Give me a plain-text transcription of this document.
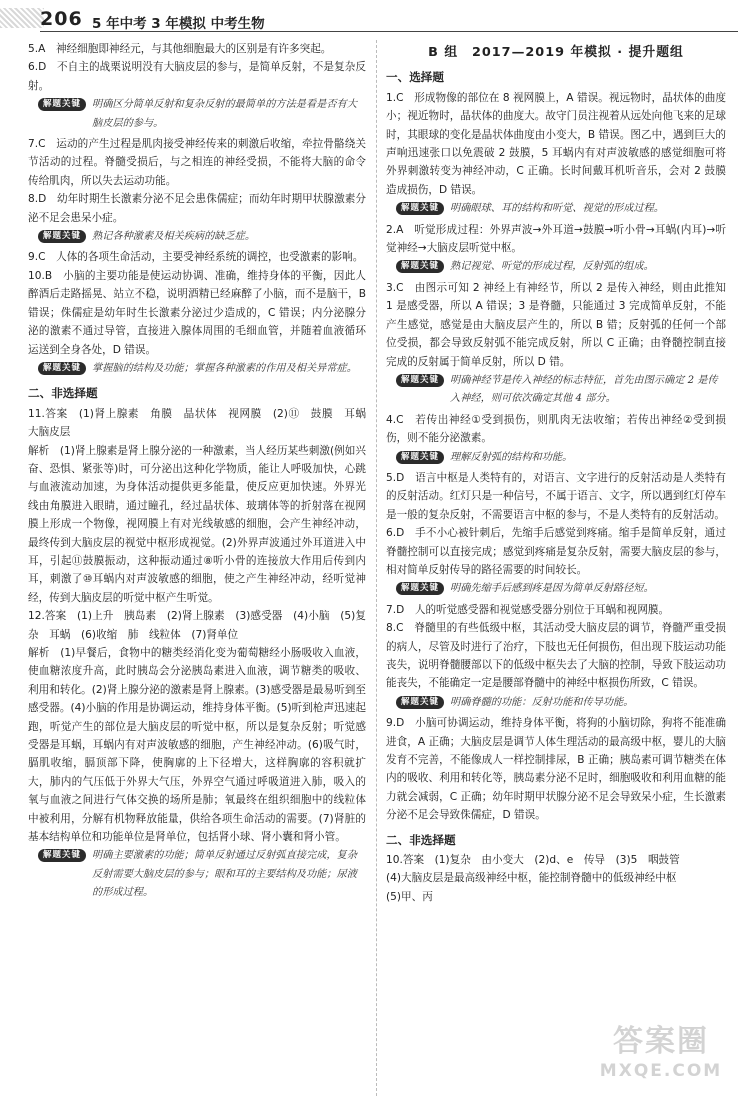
206 5 年中考 3 年模拟 中考生物

5.A　神经细胞即神经元，与其他细胞最大的区别是有许多突起。

6.D　不自主的战栗说明没有大脑皮层的参与，是简单反射，不是复杂反射。

解题关键	明确区分简单反射和复杂反射的最简单的方法是看是否有大脑皮层的参与。

7.C　运动的产生过程是肌肉接受神经传来的刺激后收缩，牵拉骨骼绕关节活动的过程。脊髓受损后，与之相连的神经受损，不能将大脑的命令传给肌肉，所以失去运动功能。

8.D　幼年时期生长激素分泌不足会患侏儒症；而幼年时期甲状腺激素分泌不足会患呆小症。

解题关键	熟记各种激素及相关疾病的缺乏症。

9.C　人体的各项生命活动，主要受神经系统的调控，也受激素的影响。

10.B　小脑的主要功能是使运动协调、准确，维持身体的平衡，因此人醉酒后走路摇晃、站立不稳，说明酒精已经麻醉了小脑，而不是脑干，B 错误；侏儒症是幼年时生长激素分泌过少造成的，C 错误；内分泌腺分泌的激素不通过导管，直接进入腺体周围的毛细血管，并随着血液循环运送到全身各处，D 错误。

解题关键	掌握脑的结构及功能；掌握各种激素的作用及相关异常症。
二、非选择题

11.答案　(1)肾上腺素　角膜　晶状体　视网膜　(2)⑪　鼓膜　耳蜗　大脑皮层

解析　(1)肾上腺素是肾上腺分泌的一种激素，当人经历某些刺激(例如兴奋、恐惧、紧张等)时，可分泌出这种化学物质，能让人呼吸加快，心跳与血液流动加速，为身体活动提供更多能量，使反应更加快速。外界光线由角膜进入眼睛，通过瞳孔，经过晶状体、玻璃体等的折射落在视网膜上形成一个物像，视网膜上有对光线敏感的细胞，会产生神经冲动，最终传到大脑皮层的视觉中枢形成视觉。(2)外界声波通过外耳道进入中耳，引起⑪鼓膜振动，这种振动通过⑧听小骨的连接放大作用后传到内耳，刺激了⑩耳蜗内对声波敏感的细胞，使之产生神经冲动，经听觉神经，传到大脑皮层的听觉中枢产生听觉。

12.答案　(1)上升　胰岛素　(2)肾上腺素　(3)感受器　(4)小脑　(5)复杂　耳蜗　(6)收缩　肺　线粒体　(7)肾单位

解析　(1)早餐后，食物中的糖类经消化变为葡萄糖经小肠吸收入血液，使血糖浓度升高，此时胰岛会分泌胰岛素进入血液，调节糖类的吸收、利用和转化。(2)肾上腺分泌的激素是肾上腺素。(3)感受器是最易听到至感受器。(4)小脑的作用是协调运动，维持身体平衡。(5)听到枪声迅速起跑，听觉产生的部位是大脑皮层的听觉中枢，所以是复杂反射；听觉感受器是耳蜗，耳蜗内有对声波敏感的细胞，产生神经冲动。(6)吸气时，膈肌收缩，膈顶部下降，使胸廓的上下径增大，这样胸廓的容积就扩大，肺内的气压低于外界大气压，外界空气通过呼吸道进入肺，吸入的氧与血液之间进行气体交换的场所是肺；氧最终在组织细胞中的线粒体中被利用，分解有机物释放能量，供给各项生命活动的需要。(7)肾脏的基本结构单位和功能单位是肾单位，包括肾小球、肾小囊和肾小管。

解题关键	明确主要激素的功能；简单反射通过反射弧直接完成，复杂反射需要大脑皮层的参与；眼和耳的主要结构及功能；尿液的形成过程。
B 组　2017—2019 年模拟 · 提升题组
一、选择题

1.C　形成物像的部位在 8 视网膜上，A 错误。视远物时，晶状体的曲度小；视近物时，晶状体的曲度大。故守门员注视着从远处向他飞来的足球时，其眼球的变化是晶状体曲度由小变大，B 错误。图乙中，遇到巨大的声响迅速张口以免震破 2 鼓膜，5 耳蜗内有对声波敏感的感觉细胞可将外界刺激转变为神经冲动，C 正确。长时间戴耳机听音乐，会对 2 鼓膜造成损伤，D 错误。

解题关键	明确眼球、耳的结构和听觉、视觉的形成过程。

2.A　听觉形成过程：外界声波→外耳道→鼓膜→听小骨→耳蜗(内耳)→听觉神经→大脑皮层听觉中枢。

解题关键	熟记视觉、听觉的形成过程，反射弧的组成。

3.C　由图示可知 2 神经上有神经节，所以 2 是传入神经，则由此推知 1 是感受器，所以 A 错误；3 是脊髓，只能通过 3 完成简单反射，不能产生感觉，感觉是由大脑皮层产生的，所以 B 错；反射弧的任何一个部位受损，都会导致反射弧不能完成反射，所以 C 正确；由脊髓控制直接完成的反射属于简单反射，所以 D 错。

解题关键	明确神经节是传入神经的标志特征，首先由图示确定 2 是传入神经，则可依次确定其他 4 部分。

4.C　若传出神经①受到损伤，则肌肉无法收缩；若传出神经②受到损伤，则不能分泌激素。

解题关键	理解反射弧的结构和功能。

5.D　语言中枢是人类特有的，对语言、文字进行的反射活动是人类特有的反射活动。红灯只是一种信号，不属于语言、文字，所以遇到红灯停车是一般的复杂反射，不需要语言中枢的参与，不是人类特有的反射活动。

6.D　手不小心被针刺后，先缩手后感觉到疼痛。缩手是简单反射，通过脊髓控制可以直接完成；感觉到疼痛是复杂反射，需要大脑皮层的参与，相对简单反射传导的路径需要的时间较长。

解题关键	明确先缩手后感到疼是因为简单反射路径短。

7.D　人的听觉感受器和视觉感受器分别位于耳蜗和视网膜。

8.C　脊髓里的有些低级中枢，其活动受大脑皮层的调节，脊髓严重受损的病人，尽管及时进行了治疗，下肢也无任何损伤，但出现下肢运动功能丧失，说明脊髓腰部以下的低级中枢失去了大脑的控制，导致下肢运动功能丧失，不能确定一定是腰部脊髓中的神经中枢损伤所致，C 错误。

解题关键	明确脊髓的功能：反射功能和传导功能。

9.D　小脑可协调运动，维持身体平衡，将狗的小脑切除，狗将不能准确进食，A 正确；大脑皮层是调节人体生理活动的最高级中枢，婴儿的大脑发育不完善，不能像成人一样控制排尿，B 正确；胰岛素可调节糖类在体内的吸收、利用和转化等，胰岛素分泌不足时，细胞吸收和利用血糖的能力就会减弱，C 正确；幼年时期甲状腺分泌不足会导致呆小症，生长激素分泌不足会导致侏儒症，D 错误。

二、非选择题

10.答案　(1)复杂　由小变大　(2)d、e　传导　(3)5　咽鼓管

(4)大脑皮层是最高级神经中枢，能控制脊髓中的低级神经中枢

(5)甲、丙

答案圈
MXQE.COM
